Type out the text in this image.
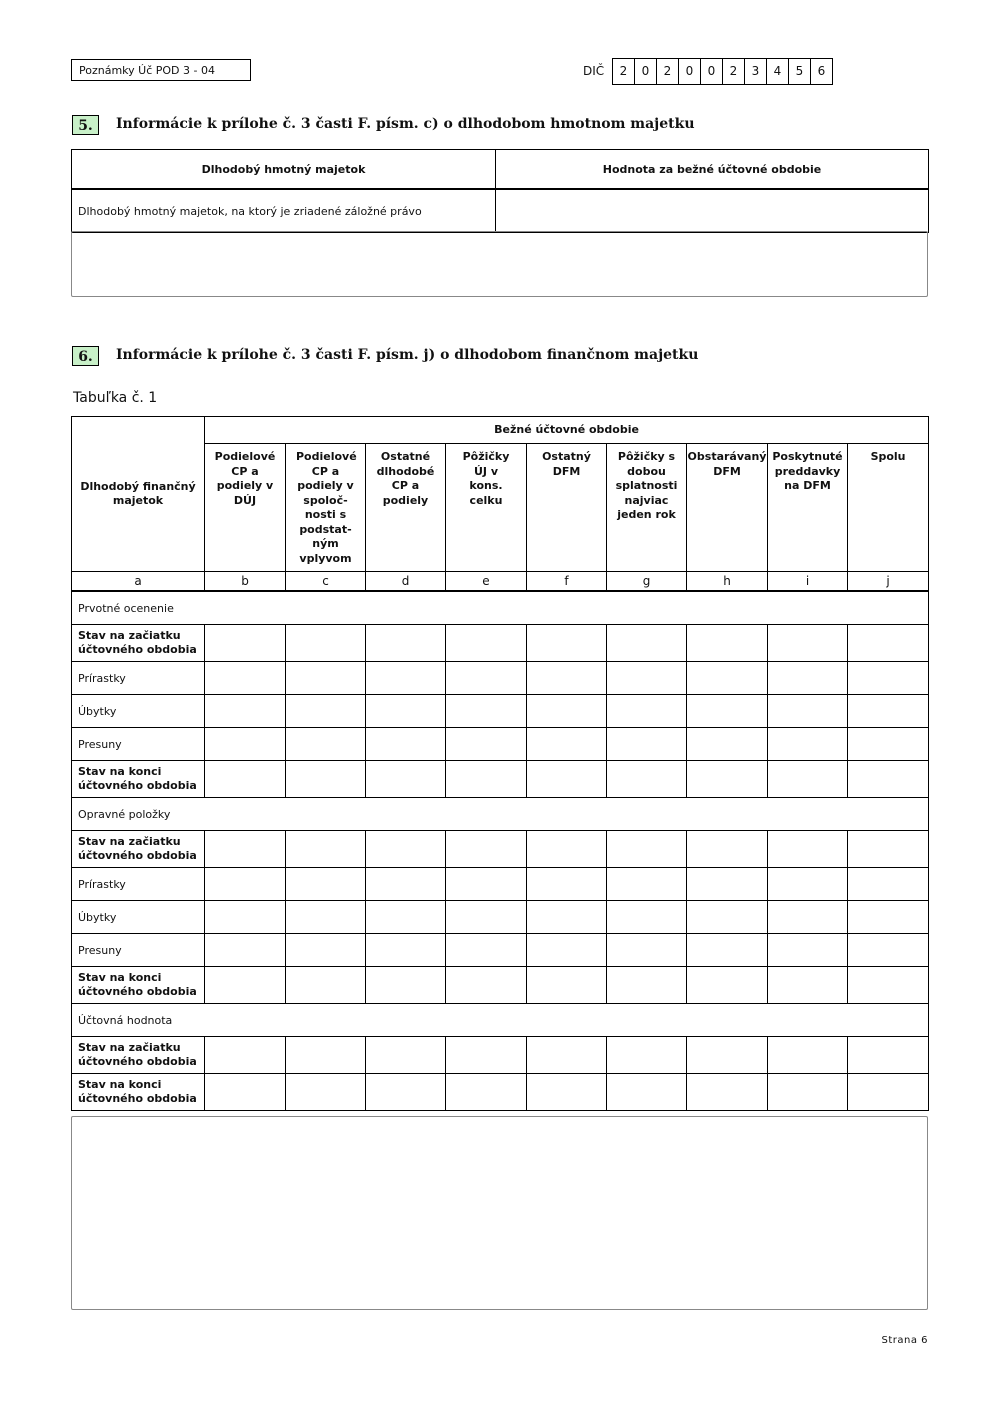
Poznámky Úč POD 3 - 04	DIČ	2	0	2	0	0	2	3	4	5	6
5.	Informácie k prílohe č. 3 časti F. písm. c) o dlhodobom hmotnom majetku
Dlhodobý hmotný majetok	Hodnota za bežné účtovné obdobie
Dlhodobý hmotný majetok, na ktorý je zriadené záložné právo	
6.	Informácie k prílohe č. 3 časti F. písm. j) o dlhodobom finančnom majetku
Tabuľka č. 1
Dlhodobý finančný majetok	Bežné účtovné obdobie								
	Podielové CP a podiely v DÚJ	Podielové CP a podiely v spoloč-nosti s podstat-ným vplyvom	Ostatné dlhodobé CP a podiely	Pôžičky ÚJ v kons. celku	Ostatný DFM	Pôžičky s dobou splatnosti najviac jeden rok	Obstarávaný DFM	Poskytnuté preddavky na DFM	Spolu
a	b	c	d	e	f	g	h	i	j
Prvotné ocenenie									
Stav na začiatku účtovného obdobia									
Prírastky									
Úbytky									
Presuny									
Stav na konci účtovného obdobia									
Opravné položky									
Stav na začiatku účtovného obdobia									
Prírastky									
Úbytky									
Presuny									
Stav na konci účtovného obdobia									
Účtovná hodnota									
Stav na začiatku účtovného obdobia									
Stav na konci účtovného obdobia									
Strana 6
